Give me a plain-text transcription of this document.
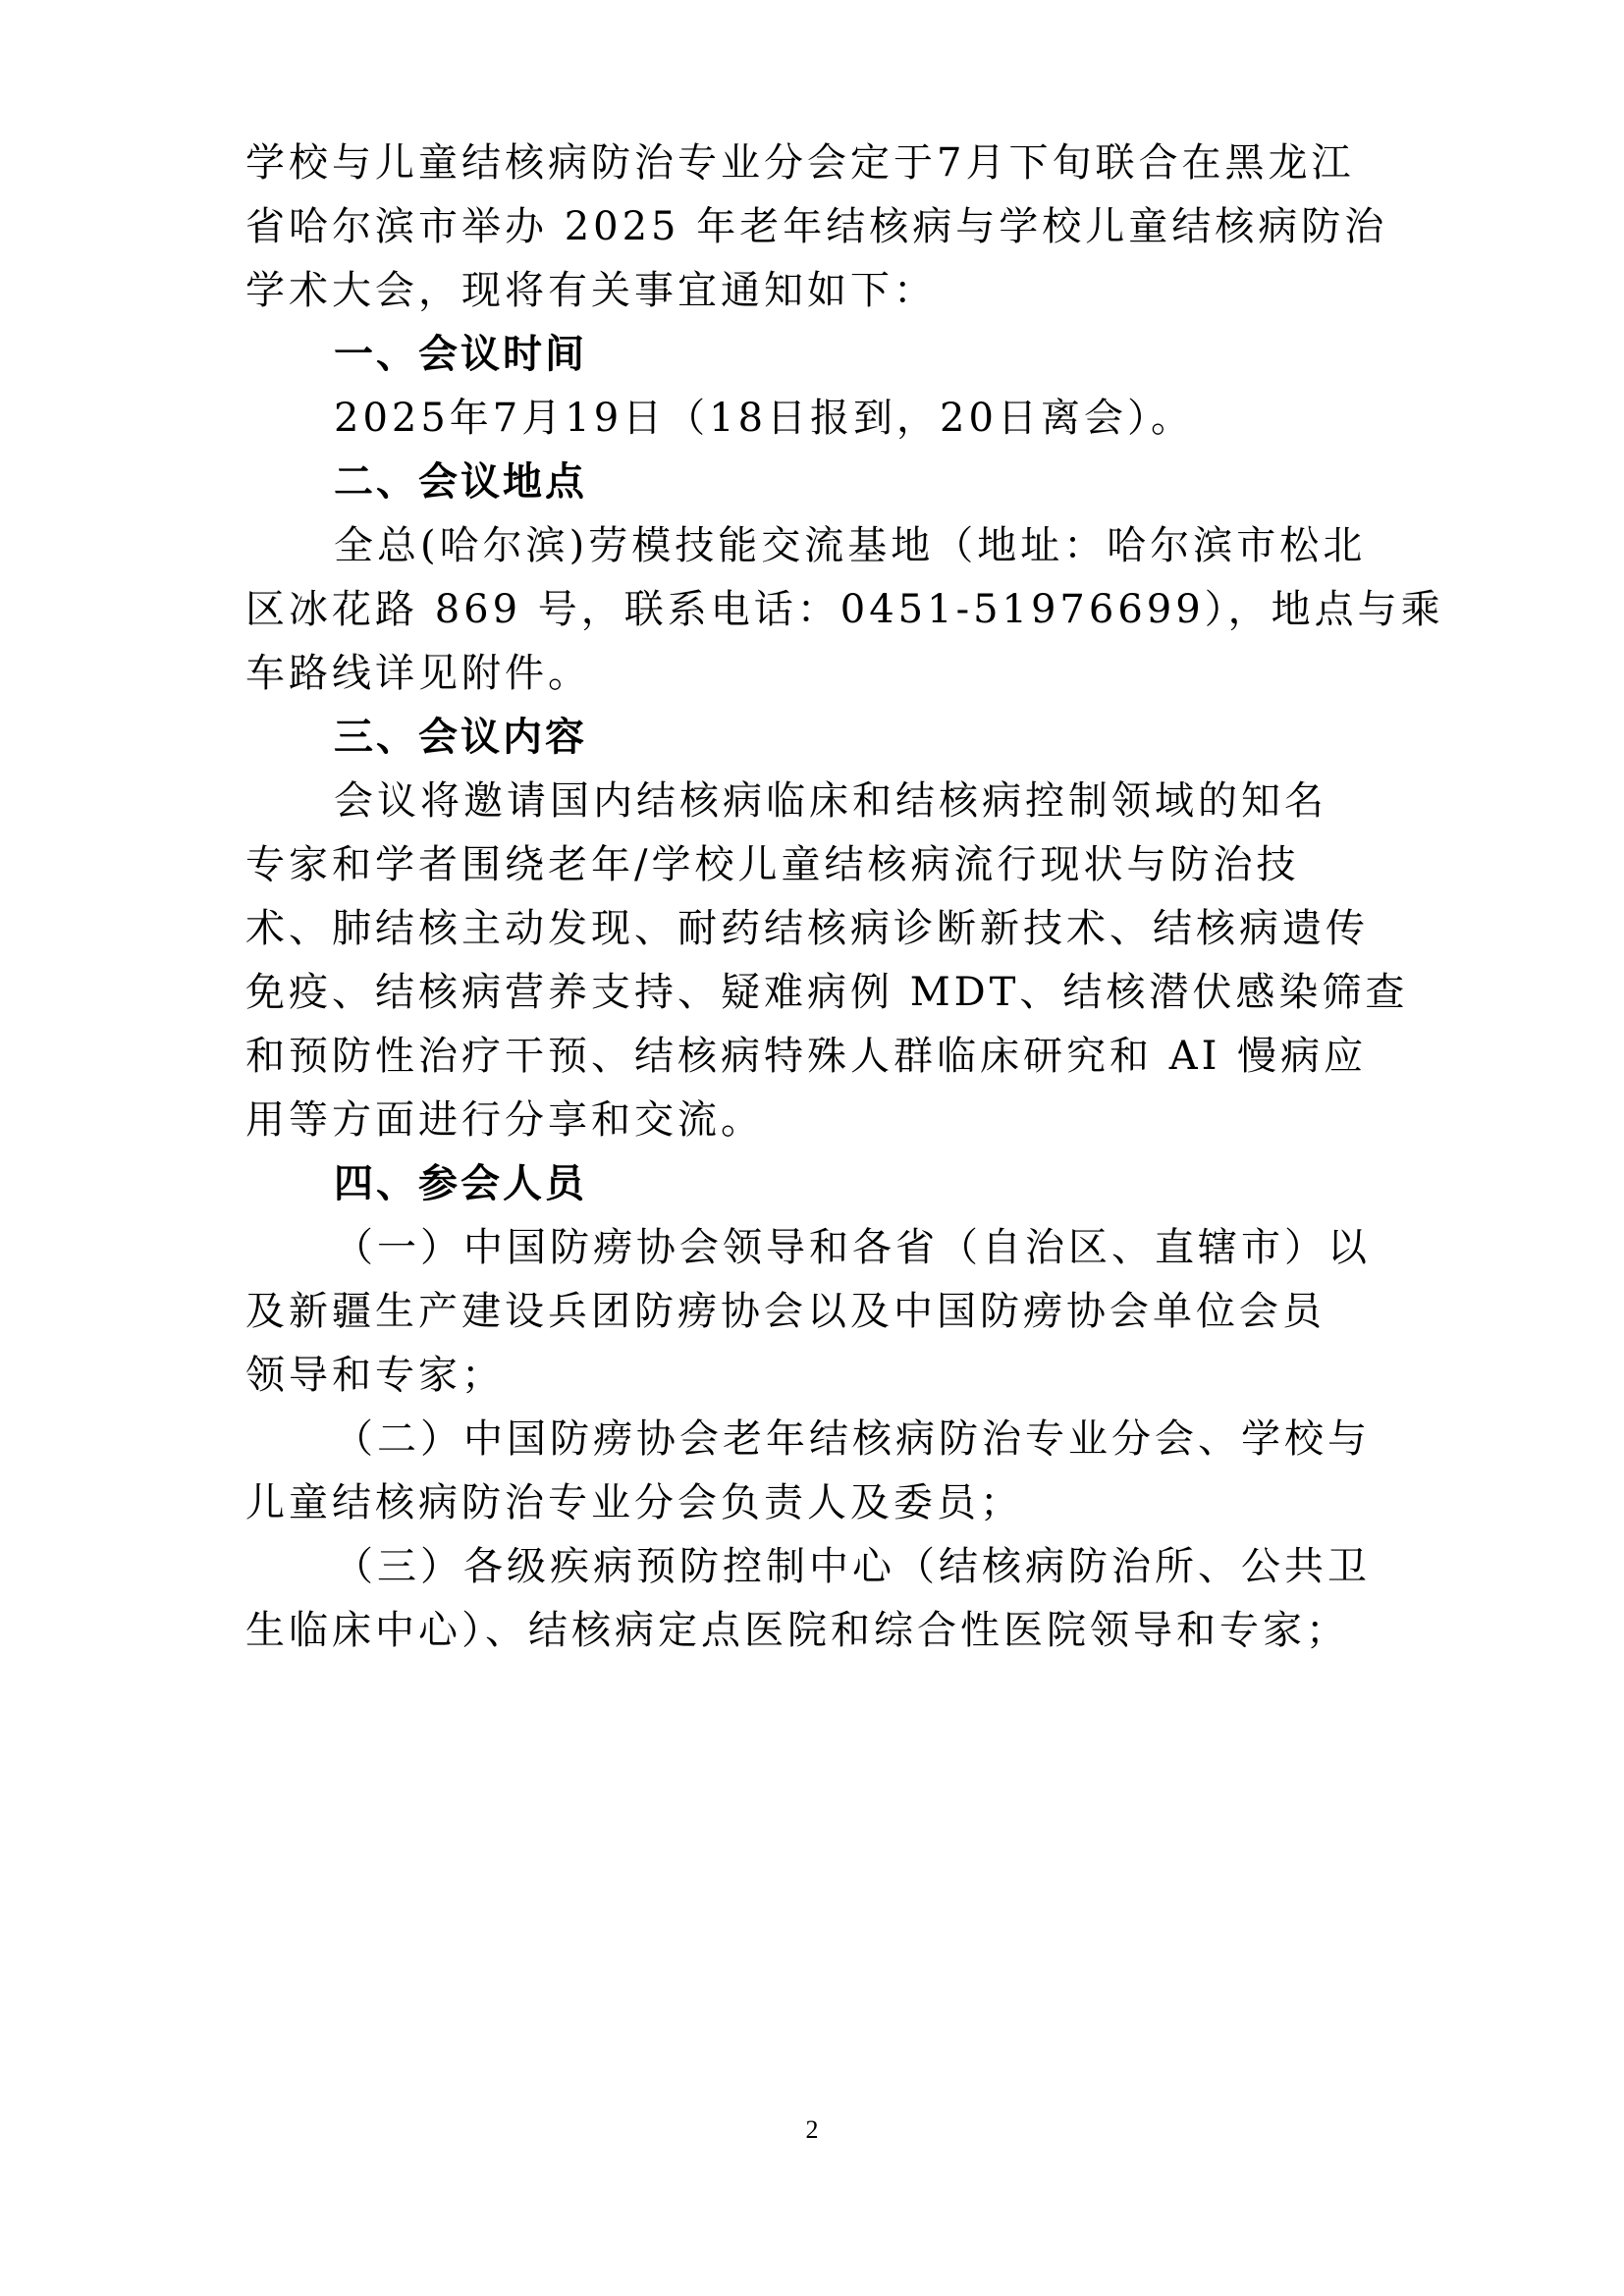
学校与儿童结核病防治专业分会定于7月下旬联合在黑龙江
省哈尔滨市举办 2025 年老年结核病与学校儿童结核病防治
学术大会，现将有关事宜通知如下：
一、会议时间
2025年7月19日（18日报到，20日离会）。
二、会议地点
全总(哈尔滨)劳模技能交流基地（地址：哈尔滨市松北
区冰花路 869 号，联系电话：0451-51976699），地点与乘
车路线详见附件。
三、会议内容
会议将邀请国内结核病临床和结核病控制领域的知名
专家和学者围绕老年/学校儿童结核病流行现状与防治技
术、肺结核主动发现、耐药结核病诊断新技术、结核病遗传
免疫、结核病营养支持、疑难病例 MDT、结核潜伏感染筛查
和预防性治疗干预、结核病特殊人群临床研究和 AI 慢病应
用等方面进行分享和交流。
四、参会人员
（一）中国防痨协会领导和各省（自治区、直辖市）以
及新疆生产建设兵团防痨协会以及中国防痨协会单位会员
领导和专家；
（二）中国防痨协会老年结核病防治专业分会、学校与
儿童结核病防治专业分会负责人及委员；
（三）各级疾病预防控制中心（结核病防治所、公共卫
生临床中心）、结核病定点医院和综合性医院领导和专家；
2
